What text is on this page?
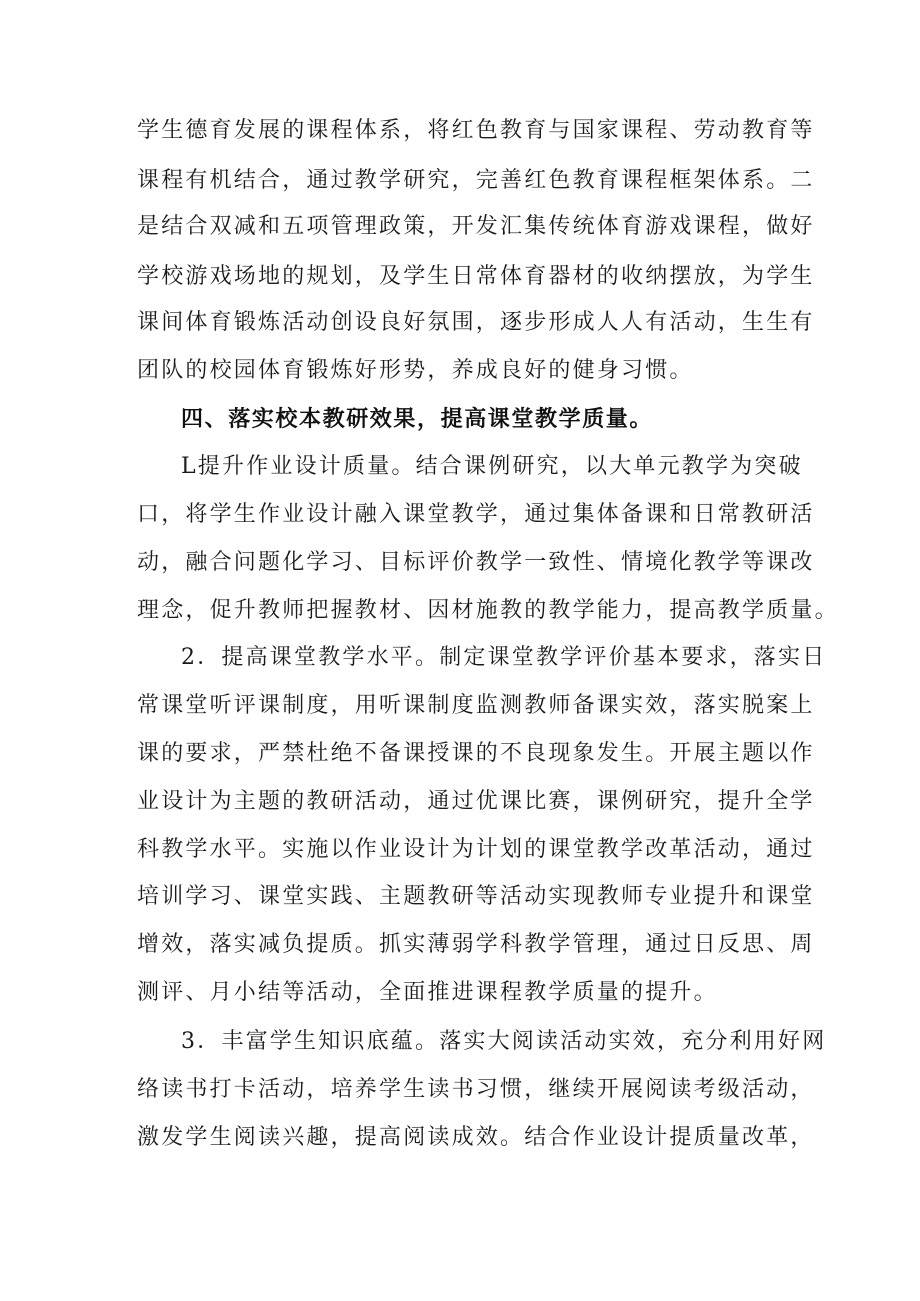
学生德育发展的课程体系，将红色教育与国家课程、劳动教育等
课程有机结合，通过教学研究，完善红色教育课程框架体系。二
是结合双减和五项管理政策，开发汇集传统体育游戏课程，做好
学校游戏场地的规划，及学生日常体育器材的收纳摆放，为学生
课间体育锻炼活动创设良好氛围，逐步形成人人有活动，生生有
团队的校园体育锻炼好形势，养成良好的健身习惯。
四、落实校本教研效果，提高课堂教学质量。
L提升作业设计质量。结合课例研究，以大单元教学为突破
口，将学生作业设计融入课堂教学，通过集体备课和日常教研活
动，融合问题化学习、目标评价教学一致性、情境化教学等课改
理念，促升教师把握教材、因材施教的教学能力，提高教学质量。
2．提高课堂教学水平。制定课堂教学评价基本要求，落实日
常课堂听评课制度，用听课制度监测教师备课实效，落实脱案上
课的要求，严禁杜绝不备课授课的不良现象发生。开展主题以作
业设计为主题的教研活动，通过优课比赛，课例研究，提升全学
科教学水平。实施以作业设计为计划的课堂教学改革活动，通过
培训学习、课堂实践、主题教研等活动实现教师专业提升和课堂
增效，落实减负提质。抓实薄弱学科教学管理，通过日反思、周
测评、月小结等活动，全面推进课程教学质量的提升。
3．丰富学生知识底蕴。落实大阅读活动实效，充分利用好网
络读书打卡活动，培养学生读书习惯，继续开展阅读考级活动，
激发学生阅读兴趣，提高阅读成效。结合作业设计提质量改革，
